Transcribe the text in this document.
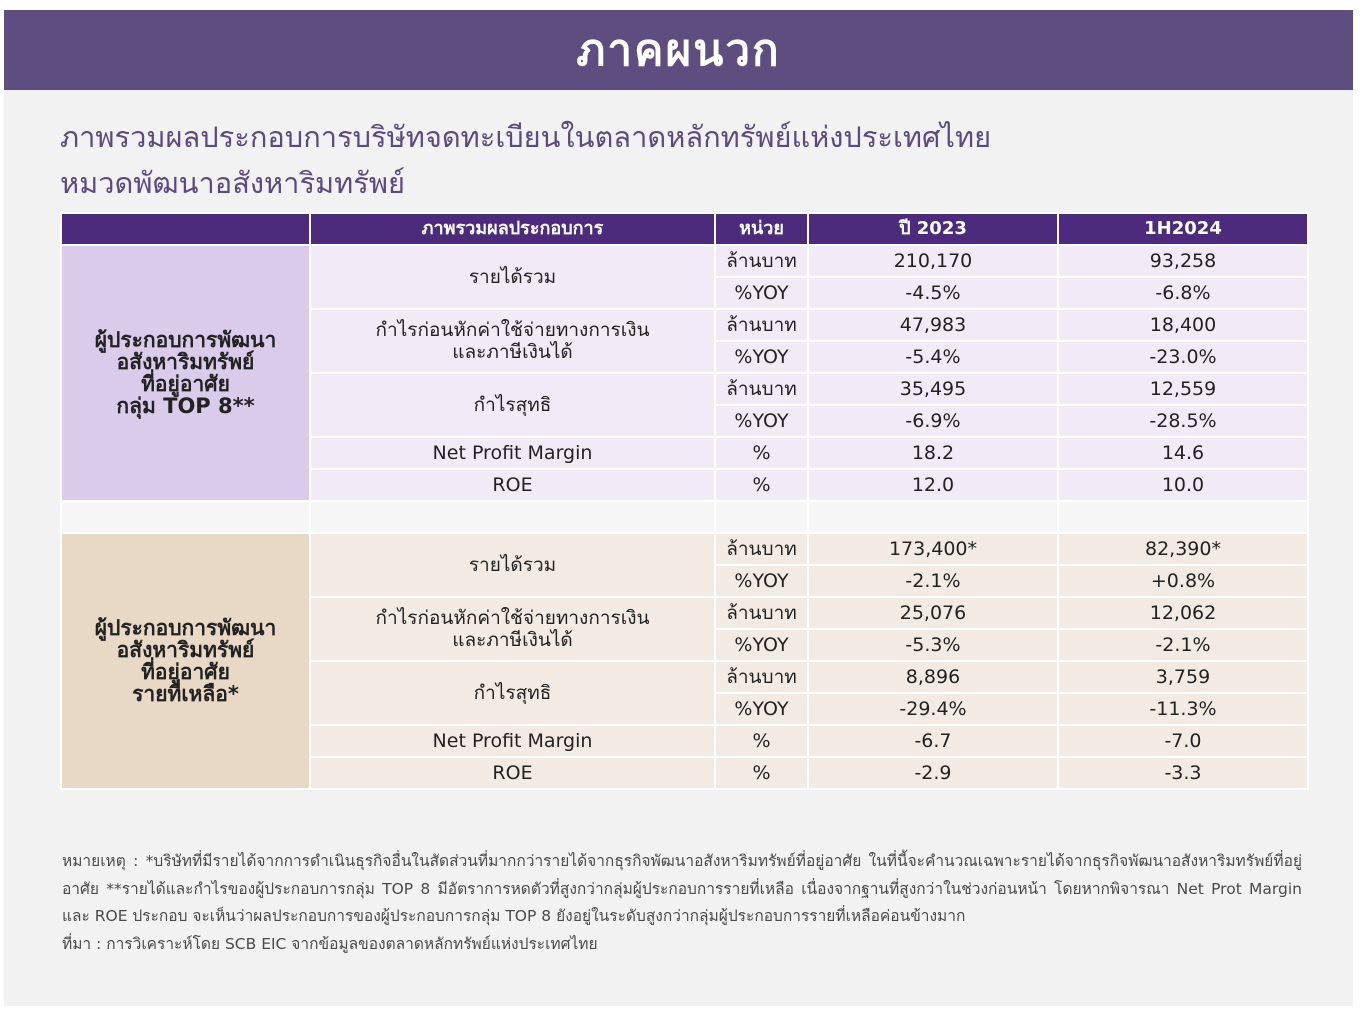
ภาคผนวก
ภาพรวมผลประกอบการบริษัทจดทะเบียนในตลาดหลักทรัพย์แห่งประเทศไทย
หมวดพัฒนาอสังหาริมทรัพย์
	ภาพรวมผลประกอบการ	หน่วย	ปี 2023	1H2024

ผู้ประกอบการพัฒนา
อสังหาริมทรัพย์
ที่อยู่อาศัย
กลุ่ม TOP 8**	รายได้รวม	ล้านบาท	210,170	93,258
		%YOY	-4.5%	-6.8%

	กำไรก่อนหักค่าใช้จ่ายทางการเงิน
และภาษีเงินได้	ล้านบาท	47,983	18,400
		%YOY	-5.4%	-23.0%
	กำไรสุทธิ	ล้านบาท	35,495	12,559
		%YOY	-6.9%	-28.5%
	Net Profit Margin	%	18.2	14.6
	ROE	%	12.0	10.0

ผู้ประกอบการพัฒนา
อสังหาริมทรัพย์
ที่อยู่อาศัย
รายที่เหลือ*	รายได้รวม	ล้านบาท	173,400*	82,390*
		%YOY	-2.1%	+0.8%

	กำไรก่อนหักค่าใช้จ่ายทางการเงิน
และภาษีเงินได้	ล้านบาท	25,076	12,062
		%YOY	-5.3%	-2.1%
	กำไรสุทธิ	ล้านบาท	8,896	3,759
		%YOY	-29.4%	-11.3%
	Net Profit Margin	%	-6.7	-7.0
	ROE	%	-2.9	-3.3

หมายเหตุ : *บริษัทที่มีรายได้จากการดำเนินธุรกิจอื่นในสัดส่วนที่มากกว่ารายได้จากธุรกิจพัฒนาอสังหาริมทรัพย์ที่อยู่อาศัย ในที่นี้จะคำนวณเฉพาะรายได้จากธุรกิจพัฒนาอสังหาริมทรัพย์ที่อยู่อาศัย **รายได้และกำไรของผู้ประกอบการกลุ่ม TOP 8 มีอัตราการหดตัวที่สูงกว่ากลุ่มผู้ประกอบการรายที่เหลือ เนื่องจากฐานที่สูงกว่าในช่วงก่อนหน้า โดยหากพิจารณา Net Prot Margin และ ROE ประกอบ จะเห็นว่าผลประกอบการของผู้ประกอบการกลุ่ม TOP 8 ยังอยู่ในระดับสูงกว่ากลุ่มผู้ประกอบการรายที่เหลือค่อนข้างมาก

ที่มา : การวิเคราะห์โดย SCB EIC จากข้อมูลของตลาดหลักทรัพย์แห่งประเทศไทย
